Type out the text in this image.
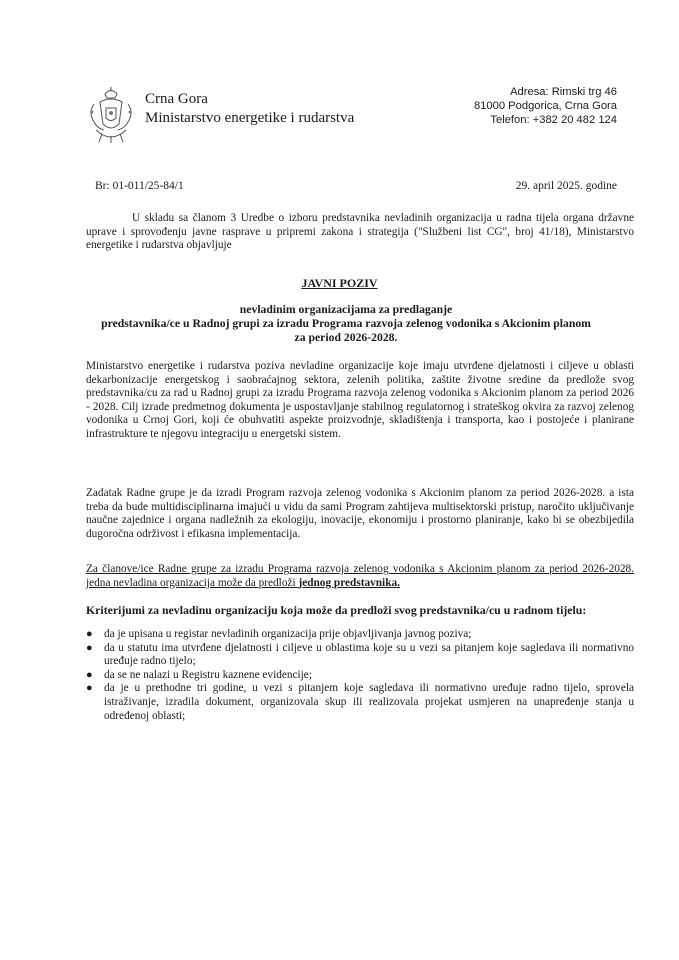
Crna Gora
Ministarstvo energetike i rudarstva
Adresa: Rimski trg 46
81000 Podgorica, Crna Gora
Telefon: +382 20 482 124
Br: 01-011/25-84/1	29. april 2025. godine
U skladu sa članom 3 Uredbe o izboru predstavnika nevladinih organizacija u radna tijela organa državne uprave i sprovođenju javne rasprave u pripremi zakona i strategija ("Službeni list CG", broj 41/18), Ministarstvo energetike i rudarstva objavljuje
JAVNI POZIV
nevladinim organizacijama za predlaganje
predstavnika/ce u Radnoj grupi za izradu Programa razvoja zelenog vodonika s Akcionim planom
za period 2026-2028.
Ministarstvo energetike i rudarstva poziva nevladine organizacije koje imaju utvrđene djelatnosti i ciljeve u oblasti dekarbonizacije energetskog i saobraćajnog sektora, zelenih politika, zaštite životne sredine da predlože svog predstavnika/cu za rad u Radnoj grupi za izradu Programa razvoja zelenog vodonika s Akcionim planom za period 2026 - 2028. Cilj izrade predmetnog dokumenta je uspostavljanje stabilnog regulatornog i strateškog okvira za razvoj zelenog vodonika u Crnoj Gori, koji će obuhvatiti aspekte proizvodnje, skladištenja i transporta, kao i postojeće i planirane infrastrukture te njegovu integraciju u energetski sistem.
Zadatak Radne grupe je da izradi Program razvoja zelenog vodonika s Akcionim planom za period 2026-2028. a ista treba da bude multidisciplinarna imajući u vidu da sami Program zahtijeva multisektorski pristup, naročito uključivanje naučne zajednice i organa nadležnih za ekologiju, inovacije, ekonomiju i prostorno planiranje, kako bi se obezbijedila dugoročna održivost i efikasna implementacija.
Za članove/ice Radne grupe za izradu Programa razvoja zelenog vodonika s Akcionim planom za period 2026-2028. jedna nevladina organizacija može da predloži jednog predstavnika.
Kriterijumi za nevladinu organizaciju koja može da predloži svog predstavnika/cu u radnom tijelu:
● da je upisana u registar nevladinih organizacija prije objavljivanja javnog poziva;
● da u statutu ima utvrđene djelatnosti i ciljeve u oblastima koje su u vezi sa pitanjem koje sagledava ili normativno uređuje radno tijelo;
● da se ne nalazi u Registru kaznene evidencije;
● da je u prethodne tri godine, u vezi s pitanjem koje sagledava ili normativno uređuje radno tijelo, sprovela istraživanje, izradila dokument, organizovala skup ili realizovala projekat usmjeren na unapređenje stanja u određenoj oblasti;
